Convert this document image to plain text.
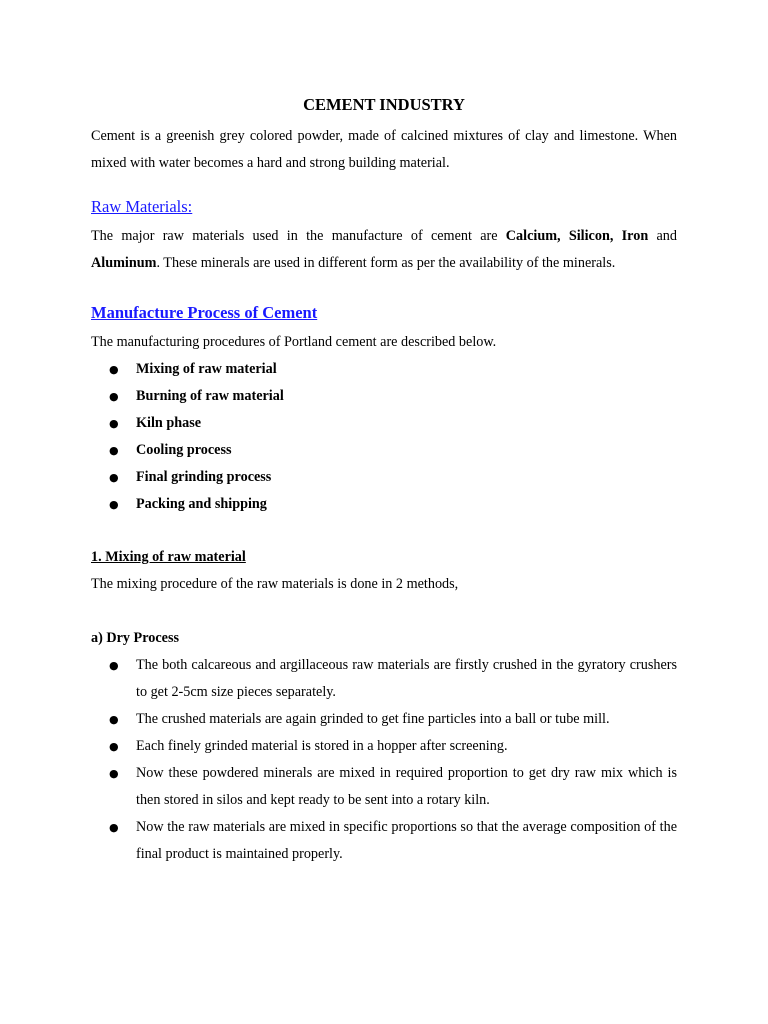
CEMENT INDUSTRY

Cement is a greenish grey colored powder, made of calcined mixtures of clay and limestone. When mixed with water becomes a hard and strong building material.

Raw Materials:

The major raw materials used in the manufacture of cement are Calcium, Silicon, Iron and Aluminum. These minerals are used in different form as per the availability of the minerals.

Manufacture Process of Cement

The manufacturing procedures of Portland cement are described below.

● Mixing of raw material
● Burning of raw material
● Kiln phase
● Cooling process
● Final grinding process
● Packing and shipping
1. Mixing of raw material

The mixing procedure of the raw materials is done in 2 methods,

a) Dry Process
● The both calcareous and argillaceous raw materials are firstly crushed in the gyratory crushers to get 2-5cm size pieces separately.
● The crushed materials are again grinded to get fine particles into a ball or tube mill.
● Each finely grinded material is stored in a hopper after screening.
● Now these powdered minerals are mixed in required proportion to get dry raw mix which is then stored in silos and kept ready to be sent into a rotary kiln.
● Now the raw materials are mixed in specific proportions so that the average composition of the final product is maintained properly.
